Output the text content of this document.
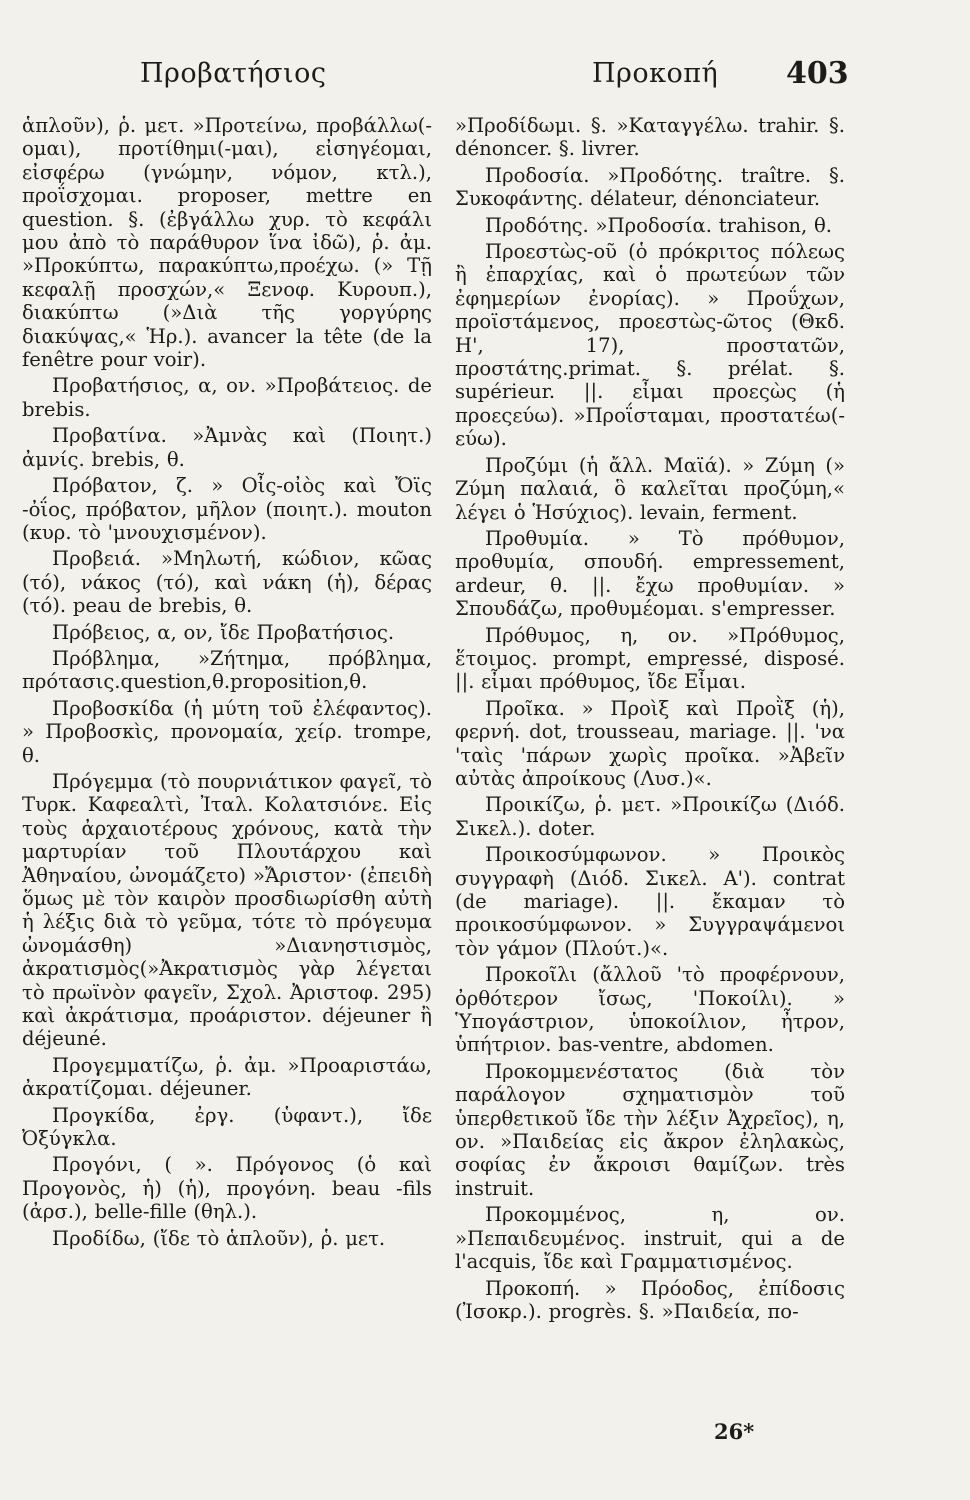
Προβατήσιος	Προκοπή 403

ἁπλοῦν), ῥ. μετ. »Προτείνω, προβάλλω(-ομαι), προτίθημι(-μαι), εἰσηγέομαι, εἰσφέρω (γνώμην, νόμον, κτλ.), προΐσχομαι. proposer, mettre en question. §. (ἐβγάλλω χυρ. τὸ κεφάλι μου ἀπὸ τὸ παράθυρον ἵνα ἰδῶ), ῥ. ἀμ. »Προκύπτω, παρακύπτω,προέχω. (» Τῇ κεφαλῇ προσχών,« Ξενοφ. Κυρουπ.), διακύπτω (»Διὰ τῆς γοργύρης διακύψας,« Ἡρ.). avancer la tête (de la fenêtre pour voir).

Προβατήσιος, α, ον. »Προβάτειος. de brebis.

Προβατίνα. »Ἀμνὰς καὶ (Ποιητ.) ἀμνίς. brebis, θ.

Πρόβατον, ζ. » Οἶς-οἰὸς καὶ Ὄϊς -ὀΐος, πρόβατον, μῆλον (ποιητ.). mouton (κυρ. τὸ 'μνουχισμένον).

Προβειά. »Μηλωτή, κώδιον, κῶας (τό), νάκος (τό), καὶ νάκη (ἡ), δέρας (τό). peau de brebis, θ.

Πρόβειος, α, ον, ἴδε Προβατήσιος.

Πρόβλημα, »Ζήτημα, πρόβλημα, πρότασις.question,θ.proposition,θ.

Προβοσκίδα (ἡ μύτη τοῦ ἐλέφαντος). » Προβοσκὶς, προνομαία, χείρ. trompe, θ.

Πρόγεμμα (τὸ πουρνιάτικον φαγεῖ, τὸ Τυρκ. Καφεαλτὶ, Ἰταλ. Κολατσιόνε. Εἰς τοὺς ἀρχαιοτέρους χρόνους, κατὰ τὴν μαρτυρίαν τοῦ Πλουτάρχου καὶ Ἀθηναίου, ὠνομάζετο) »Ἄριστον· (ἐπειδὴ ὅμως μὲ τὸν καιρὸν προσδιωρίσθη αὐτὴ ἡ λέξις διὰ τὸ γεῦμα, τότε τὸ πρόγευμα ὠνομάσθη) »Διανηστισμὸς, ἀκρατισμὸς(»Ἀκρατισμὸς γὰρ λέγεται τὸ πρωϊνὸν φαγεῖν, Σχολ. Ἀριστοφ. 295) καὶ ἀκράτισμα, προάριστον. déjeuner ἢ déjeuné.

Προγεμματίζω, ῥ. ἀμ. »Προαριστάω, ἀκρατίζομαι. déjeuner.

Προγκίδα, ἐργ. (ὑφαντ.), ἴδε Ὀξύγκλα.

Προγόνι, ( ». Πρόγονος (ὁ καὶ Προγονὸς, ἡ) (ἡ), προγόνη. beau -fils (ἀρσ.), belle-fille (θηλ.).

Προδίδω, (ἴδε τὸ ἁπλοῦν), ῥ. μετ.

»Προδίδωμι. §. »Καταγγέλω. trahir. §. dénoncer. §. livrer.

Προδοσία. »Προδότης. traître. §. Συκοφάντης. délateur, dénonciateur.

Προδότης. »Προδοσία. trahison, θ.

Προεστὼς-οῦ (ὁ πρόκριτος πόλεως ἢ ἐπαρχίας, καὶ ὁ πρωτεύων τῶν ἐφημερίων ἐνορίας). » Προΰχων, προϊστάμενος, προεστὼς-ῶτος (Θκδ. Η', 17), προστατῶν, προστάτης.primat. §. prélat. §. supérieur. ||. εἶμαι προεςὼς (ἡ προεςεύω). »Προΐσταμαι, προστατέω(-εύω).

Προζύμι (ἡ ἄλλ. Μαϊά). » Ζύμη (» Ζύμη παλαιά, ὃ καλεῖται προζύμη,« λέγει ὁ Ἡσύχιος). levain, ferment.

Προθυμία. » Τὸ πρόθυμον, προθυμία, σπουδή. empressement, ardeur, θ. ||. ἔχω προθυμίαν. » Σπουδάζω, προθυμέομαι. s'empresser.

Πρόθυμος, η, ον. »Πρόθυμος, ἕτοιμος. prompt, empressé, disposé. ||. εἶμαι πρόθυμος, ἴδε Εἶμαι.

Προῖκα. » Προὶξ καὶ Προῒξ (ἡ), φερνή. dot, trousseau, mariage. ||. 'να 'ταὶς 'πάρων χωρὶς προῖκα. »Ἀβεῖν αὐτὰς ἀπροίκους (Λυσ.)«.

Προικίζω, ῥ. μετ. »Προικίζω (Διόδ. Σικελ.). doter.

Προικοσύμφωνον. » Προικὸς συγγραφὴ (Διόδ. Σικελ. Α'). contrat (de mariage). ||. ἔκαμαν τὸ προικοσύμφωνον. » Συγγραψάμενοι τὸν γάμον (Πλούτ.)«.

Προκοῖλι (ἄλλοῦ 'τὸ προφέρνουν, ὀρθότερον ἴσως, 'Ποκοίλι). » Ὑπογάστριον, ὑποκοίλιον, ἦτρον, ὑπήτριον. bas-ventre, abdomen.

Προκομμενέστατος (διὰ τὸν παράλογον σχηματισμὸν τοῦ ὑπερθετικοῦ ἴδε τὴν λέξιν Ἀχρεῖος), η, ον. »Παιδείας εἰς ἄκρον ἐληλακὼς, σοφίας ἐν ἄκροισι θαμίζων. très instruit.

Προκομμένος, η, ον. »Πεπαιδευμένος. instruit, qui a de l'acquis, ἴδε καὶ Γραμματισμένος.

Προκοπή. » Πρόοδος, ἐπίδοσις (Ἰσοκρ.). progrès. §. »Παιδεία, πο-

26*
